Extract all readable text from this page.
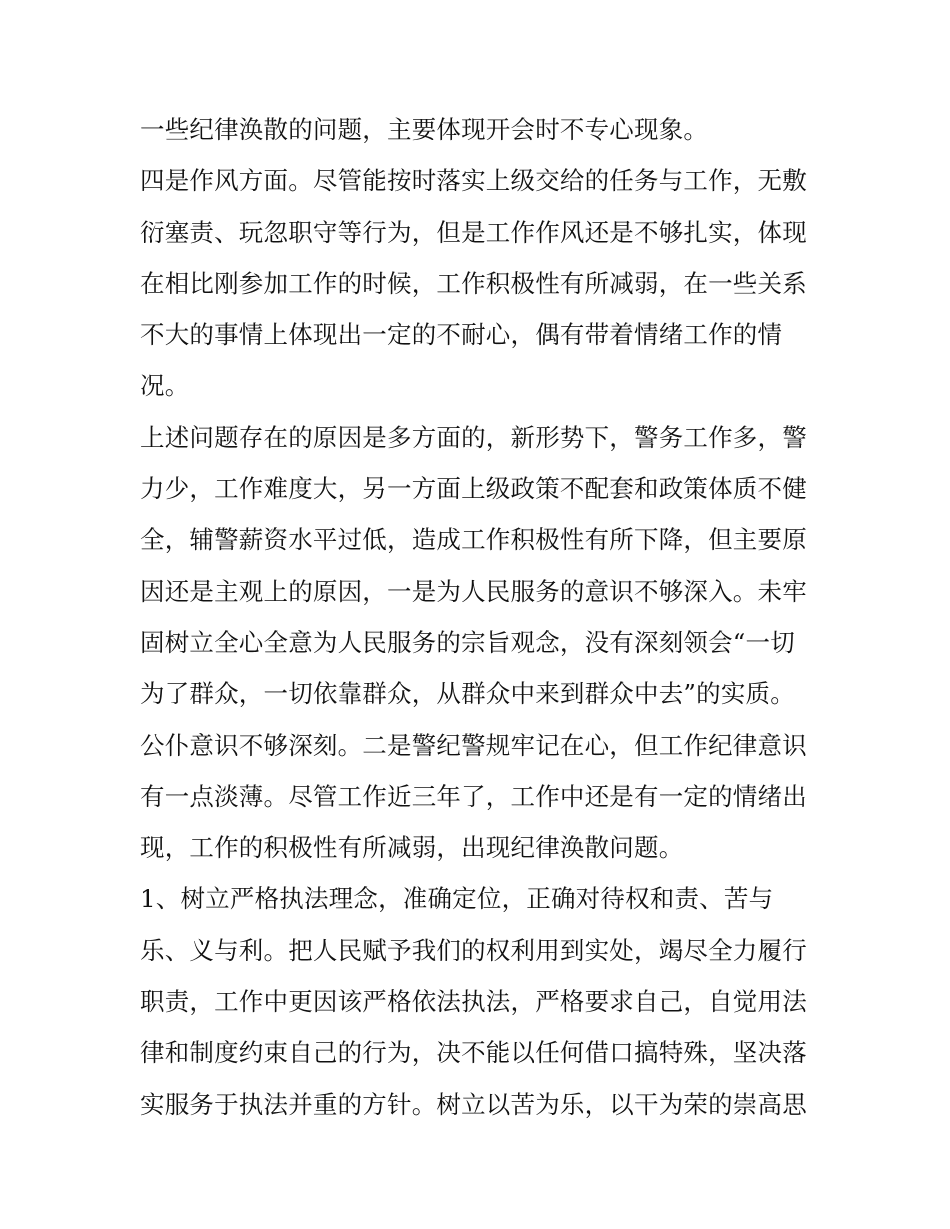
一些纪律涣散的问题，主要体现开会时不专心现象。
四是作风方面。尽管能按时落实上级交给的任务与工作，无敷
衍塞责、玩忽职守等行为，但是工作作风还是不够扎实，体现
在相比刚参加工作的时候，工作积极性有所减弱，在一些关系
不大的事情上体现出一定的不耐心，偶有带着情绪工作的情
况。
上述问题存在的原因是多方面的，新形势下，警务工作多，警
力少，工作难度大，另一方面上级政策不配套和政策体质不健
全，辅警薪资水平过低，造成工作积极性有所下降，但主要原
因还是主观上的原因，一是为人民服务的意识不够深入。未牢
固树立全心全意为人民服务的宗旨观念，没有深刻领会“一切
为了群众，一切依靠群众，从群众中来到群众中去”的实质。
公仆意识不够深刻。二是警纪警规牢记在心，但工作纪律意识
有一点淡薄。尽管工作近三年了，工作中还是有一定的情绪出
现，工作的积极性有所减弱，出现纪律涣散问题。
1、树立严格执法理念，准确定位，正确对待权和责、苦与
乐、义与利。把人民赋予我们的权利用到实处，竭尽全力履行
职责，工作中更因该严格依法执法，严格要求自己，自觉用法
律和制度约束自己的行为，决不能以任何借口搞特殊，坚决落
实服务于执法并重的方针。树立以苦为乐，以干为荣的崇高思
